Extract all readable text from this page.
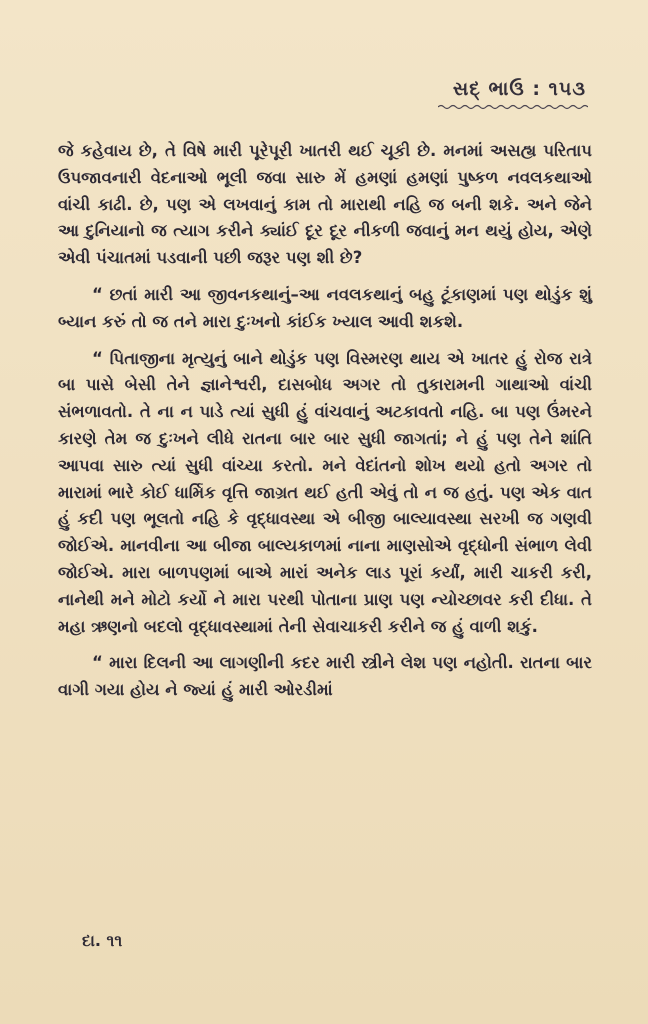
સદ્ ભાઉ : ૧૫૩

જે કહેવાય છે, તે વિષે મારી પૂરેપૂરી ખાતરી થઈ ચૂકી છે. મનમાં અસહ્ય પરિતાપ ઉપજાવનારી વેદનાઓ ભૂલી જવા સારુ મેં હમણાં હમણાં પુષ્કળ નવલકથાઓ વાંચી કાઢી. છે, પણ એ લખવાનું કામ તો મારાથી નહિ જ બની શકે. અને જેને આ દુનિયાનો જ ત્યાગ કરીને ક્યાંઈ દૂર દૂર નીકળી જવાનું મન થયું હોય, એણે એવી પંચાતમાં પડવાની પછી જરૂર પણ શી છે?

“ છતાં મારી આ જીવનકથાનું–આ નવલકથાનું બહુ ટૂંકાણમાં પણ થોડુંક શું બ્યાન કરું તો જ તને મારા દુઃખનો કાંઈક ખ્યાલ આવી શકશે.

“ પિતાજીના મૃત્યુનું બાને થોડુંક પણ વિસ્મરણ થાય એ ખાતર હું રોજ રાત્રે બા પાસે બેસી તેને જ્ઞાનેશ્વરી, દાસબોધ અગર તો તુકારામની ગાથાઓ વાંચી સંભળાવતો. તે ના ન પાડે ત્યાં સુધી હું વાંચવાનું અટકાવતો નહિ. બા પણ ઉંમરને કારણે તેમ જ દુઃખને લીધે રાતના બાર બાર સુધી જાગતાં; ને હું પણ તેને શાંતિ આપવા સારુ ત્યાં સુધી વાંચ્યા કરતો. મને વેદાંતનો શોખ થયો હતો અગર તો મારામાં ભારે કોઈ ધાર્મિક વૃત્તિ જાગ્રત થઈ હતી એવું તો ન જ હતું. પણ એક વાત હું કદી પણ ભૂલતો નહિ કે વૃદ્ધાવસ્થા એ બીજી બાલ્યાવસ્થા સરખી જ ગણવી જોઈએ. માનવીના આ બીજા બાલ્યકાળમાં નાના માણસોએ વૃદ્ધોની સંભાળ લેવી જોઈએ. મારા બાળપણમાં બાએ મારાં અનેક લાડ પૂરાં કર્યાં, મારી ચાકરી કરી, નાનેથી મને મોટો કર્યો ને મારા પરથી પોતાના પ્રાણ પણ ન્યોચ્છાવર કરી દીધા. તે મહા ઋણનો બદલો વૃદ્ધાવસ્થામાં તેની સેવાચાકરી કરીને જ હું વાળી શકું.

“ મારા દિલની આ લાગણીની કદર મારી સ્ત્રીને લેશ પણ નહોતી. રાતના બાર વાગી ગયા હોય ને જ્યાં હું મારી ઓરડીમાં

દા. ૧૧
